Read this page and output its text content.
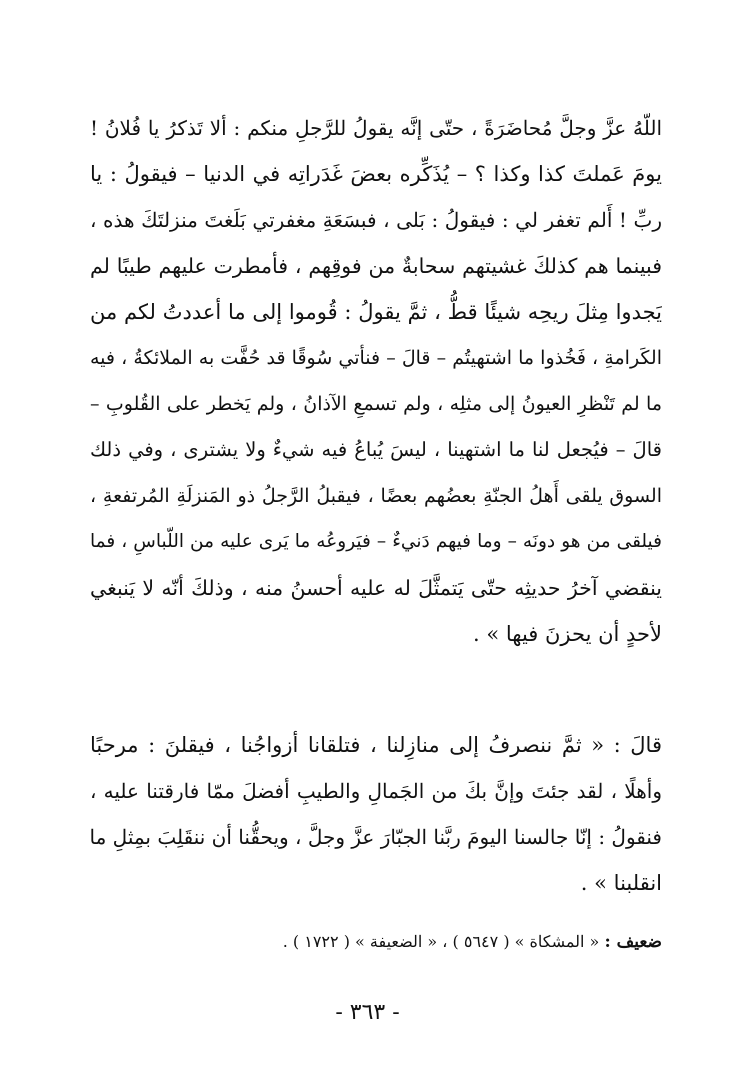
اللّهُ عزَّ وجلَّ مُحاضَرَةً ، حتّى إنَّه يقولُ للرَّجلِ منكم : ألا تَذكرُ يا فُلانُ !
يومَ عَملتَ كذا وكذا ؟ – يُذَكِّره بعضَ غَدَراتِه في الدنيا – فيقولُ : يا
ربِّ ! أَلم تغفر لي : فيقولُ : بَلى ، فبسَعَةِ مغفرتي بَلَغتَ منزلتَكَ هذه ،
فبينما هم كذلكَ غشيتهم سحابةٌ من فوقِهم ، فأمطرت عليهم طيبًا لم
يَجدوا مِثلَ ريحِه شيئًا قطُّ ، ثمَّ يقولُ : قُوموا إلى ما أعددتُ لكم من
الكَرامةِ ، فَخُذوا ما اشتهيتُم – قالَ – فنأتي سُوقًا قد حُفَّت به الملائكةُ ، فيه
ما لم تَنْظرِ العيونُ إلى مثلِه ، ولم تسمعِ الآذانُ ، ولم يَخطر على القُلوبِ –
قالَ – فيُجعل لنا ما اشتهينا ، ليسَ يُباعُ فيه شيءٌ ولا يشترى ، وفي ذلك
السوق يلقى أَهلُ الجنّةِ بعضُهم بعضًا ، فيقبلُ الرَّجلُ ذو المَنزلَةِ المُرتفعةِ ،
فيلقى من هو دونَه – وما فيهم دَنيءٌ – فيَروعُه ما يَرى عليه من اللّباسِ ، فما
ينقضي آخرُ حديثِه حتّى يَتمثَّلَ له عليه أحسنُ منه ، وذلكَ أنّه لا يَنبغي
لأحدٍ أن يحزنَ فيها » .
قالَ : « ثمَّ ننصرفُ إلى منازِلنا ، فتلقانا أزواجُنا ، فيقلنَ : مرحبًا
وأهلًا ، لقد جئتَ وإنَّ بكَ من الجَمالِ والطيبِ أفضلَ ممّا فارقتنا عليه ،
فنقولُ : إنّا جالسنا اليومَ ربَّنا الجبّارَ عزَّ وجلَّ ، ويحقُّنا أن ننقَلِبَ بمِثلِ ما
انقلبنا » .
ضعيف : « المشكاة » ( ٥٦٤٧ ) ، « الضعيفة » ( ١٧٢٢ ) .
- ٣٦٣ -
